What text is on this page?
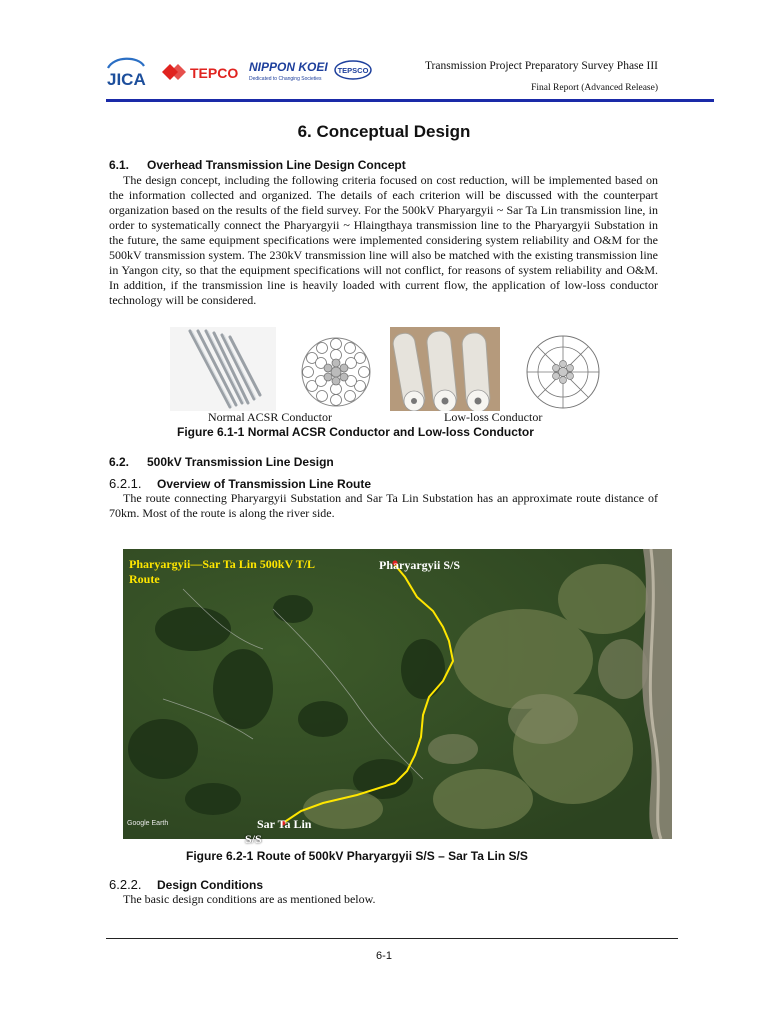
JICA	TEPCO NIPPON KOEI
Dedicated to Changing Societies
TEPSCO	Transmission Project Preparatory Survey Phase III
Final Report (Advanced Release)
6. Conceptual Design
6.1. Overhead Transmission Line Design Concept
The design concept, including the following criteria focused on cost reduction, will be implemented based on the information collected and organized. The details of each criterion will be discussed with the counterpart organization based on the results of the field survey. For the 500kV Pharyargyii ~ Sar Ta Lin transmission line, in order to systematically connect the Pharyargyii ~ Hlaingthaya transmission line to the Pharyargyii Substation in the future, the same equipment specifications were implemented considering system reliability and O&M for the 500kV transmission system. The 230kV transmission line will also be matched with the existing transmission line in Yangon city, so that the equipment specifications will not conflict, for reasons of system reliability and O&M. In addition, if the transmission line is heavily loaded with current flow, the application of low-loss conductor technology will be considered.
Normal ACSR Conductor	Low-loss Conductor
Figure 6.1-1 Normal ACSR Conductor and Low-loss Conductor
6.2. 500kV Transmission Line Design
6.2.1. Overview of Transmission Line Route
The route connecting Pharyargyii Substation and Sar Ta Lin Substation has an approximate route distance of 70km. Most of the route is along the river side.
Google Earth
Pharyargyii—Sar Ta Lin 500kV T/L
Route
Pharyargyii S/S
Sar Ta Lin
S/S
Figure 6.2-1 Route of 500kV Pharyargyii S/S – Sar Ta Lin S/S
6.2.2. Design Conditions
The basic design conditions are as mentioned below.
6-1
